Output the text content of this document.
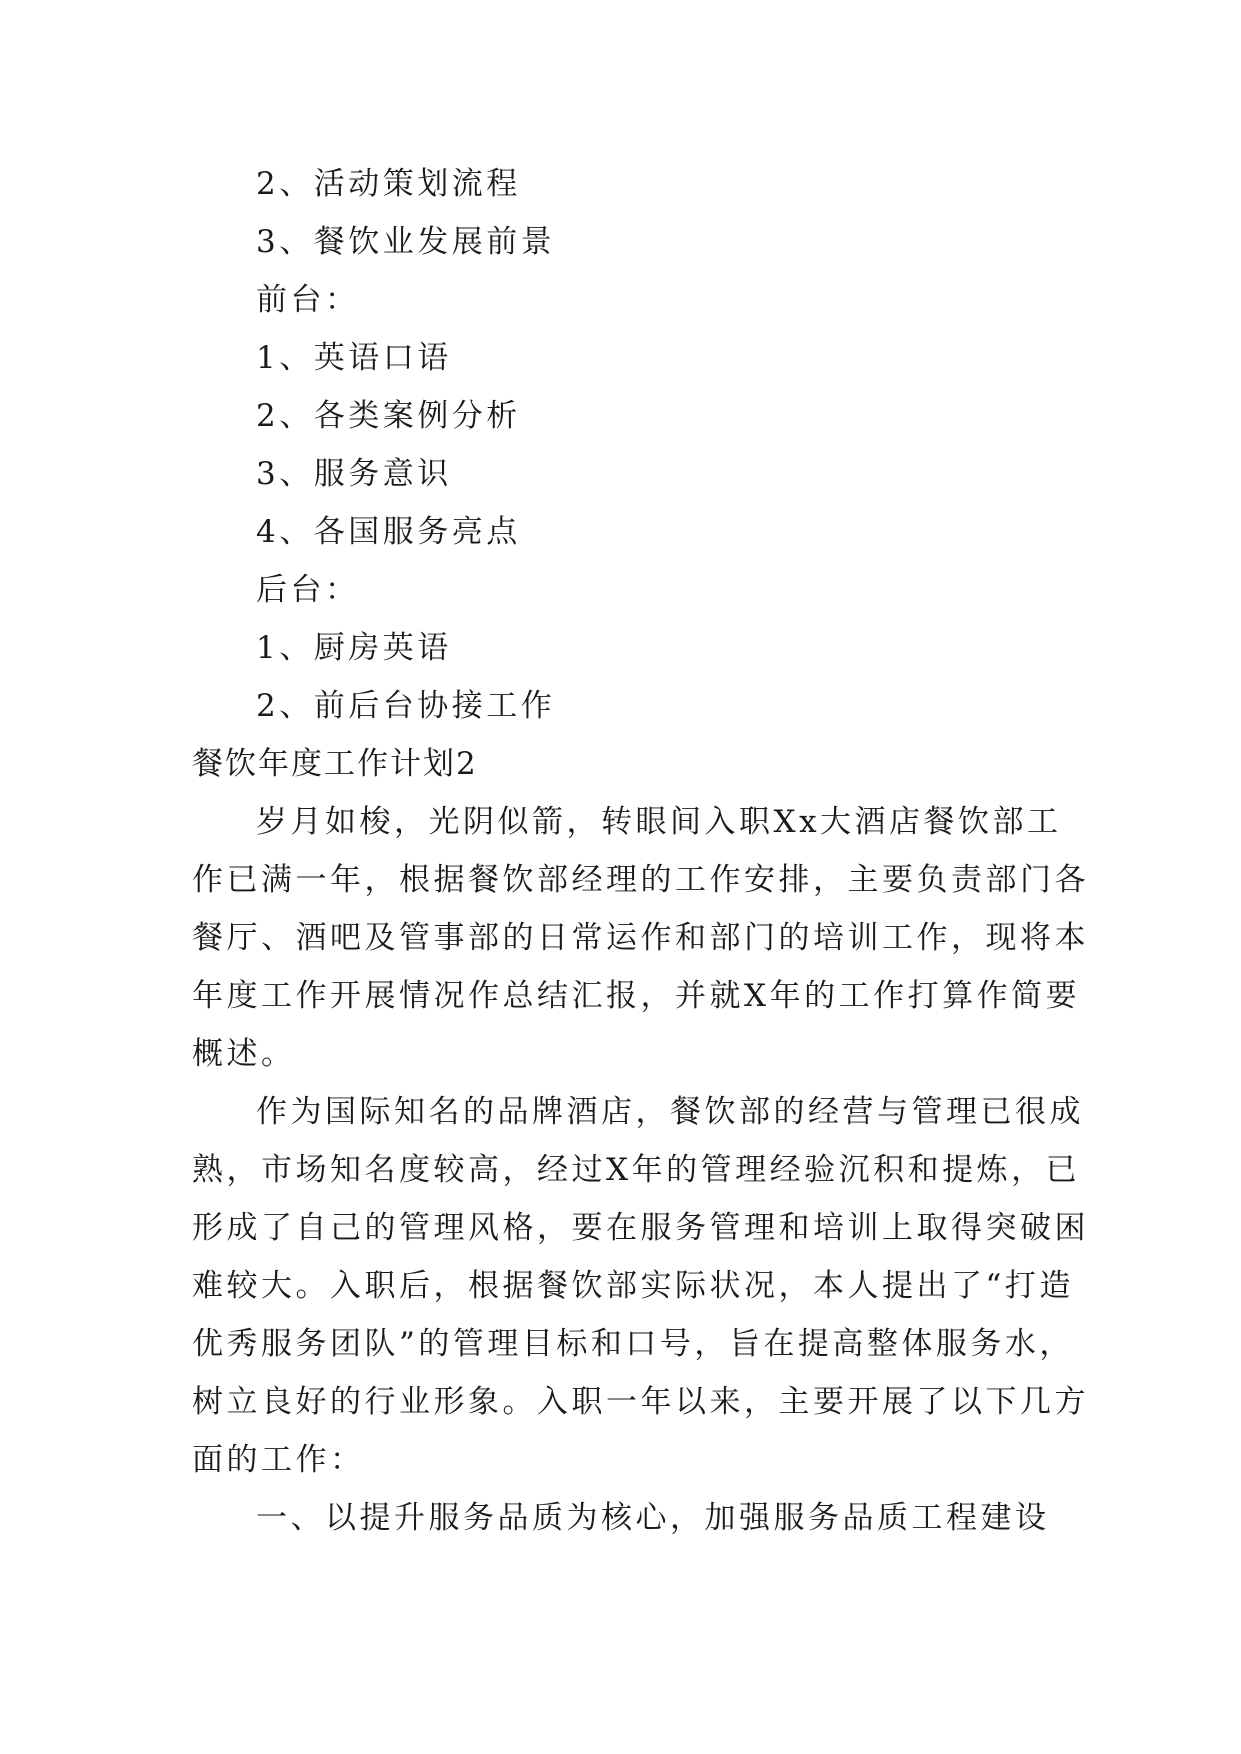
2、活动策划流程
3、餐饮业发展前景
前台：
1、英语口语
2、各类案例分析
3、服务意识
4、各国服务亮点
后台：
1、厨房英语
2、前后台协接工作
餐饮年度工作计划2
岁月如梭，光阴似箭，转眼间入职Xx大酒店餐饮部工
作已满一年，根据餐饮部经理的工作安排，主要负责部门各
餐厅、酒吧及管事部的日常运作和部门的培训工作，现将本
年度工作开展情况作总结汇报，并就X年的工作打算作简要
概述。
作为国际知名的品牌酒店，餐饮部的经营与管理已很成
熟，市场知名度较高，经过X年的管理经验沉积和提炼，已
形成了自己的管理风格，要在服务管理和培训上取得突破困
难较大。入职后，根据餐饮部实际状况，本人提出了“打造
优秀服务团队”的管理目标和口号，旨在提高整体服务水，
树立良好的行业形象。入职一年以来，主要开展了以下几方
面的工作：
一、以提升服务品质为核心，加强服务品质工程建设
